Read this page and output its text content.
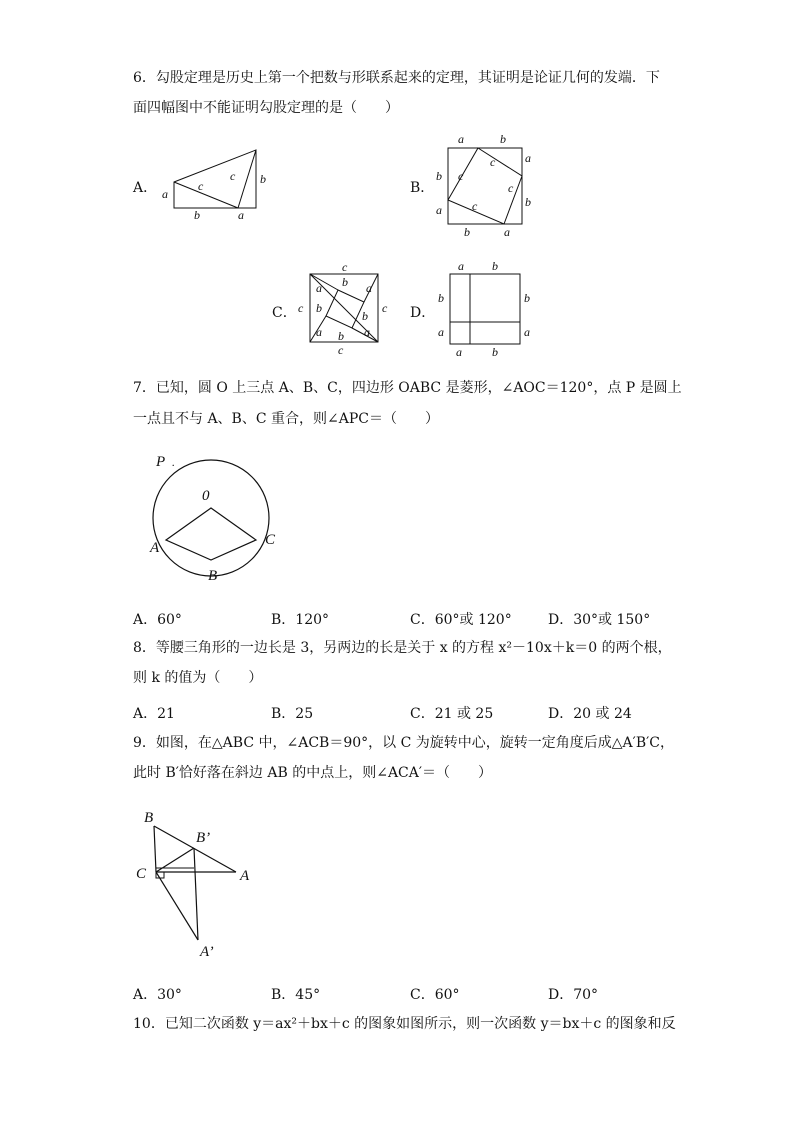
6．勾股定理是历史上第一个把数与形联系起来的定理，其证明是论证几何的发端．下
面四幅图中不能证明勾股定理的是（　　）
A． a
c
c b
b	a
B．
a	b
a
b
b
a
b	a
c
c
c
c
C．
c
c	c
c
a
b
b a
b
a
b
a
D．
a b
b
a
b
a
a	b
7．已知，圆 O 上三点 A、B、C，四边形 OABC 是菱形，∠AOC＝120°，点 P 是圆上
一点且不与 A、B、C 重合，则∠APC＝（　　）
P .
0
A
B
C
A．60°	B．120°	C．60°或 120°	D．30°或 150°
8．等腰三角形的一边长是 3，另两边的长是关于 x 的方程 x²－10x＋k＝0 的两个根，
则 k 的值为（　　）
A．21	B．25	C．21 或 25	D．20 或 24
9．如图，在△ABC 中，∠ACB＝90°，以 C 为旋转中心，旋转一定角度后成△A′B′C，
此时 B′恰好落在斜边 AB 的中点上，则∠ACA′＝（　　）
B
B’
C	A
A’
A．30°	B．45°	C．60°	D．70°
10．已知二次函数 y＝ax²＋bx＋c 的图象如图所示，则一次函数 y＝bx＋c 的图象和反
